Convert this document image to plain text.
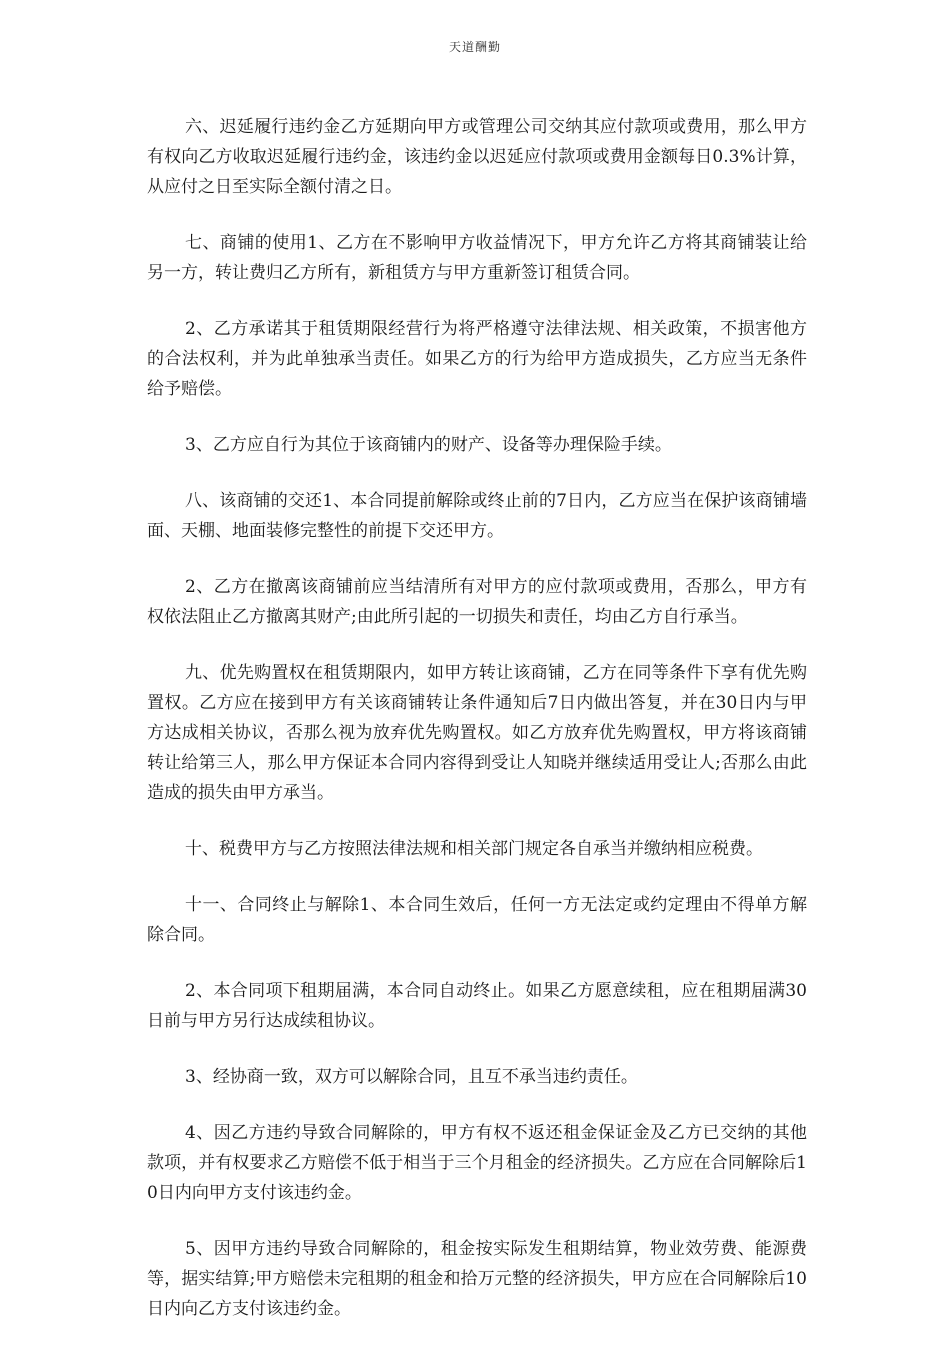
天道酬勤

六、迟延履行违约金乙方延期向甲方或管理公司交纳其应付款项或费用，那么甲方有权向乙方收取迟延履行违约金，该违约金以迟延应付款项或费用金额每日0.3%计算，从应付之日至实际全额付清之日。

七、商铺的使用1、乙方在不影响甲方收益情况下，甲方允许乙方将其商铺装让给另一方，转让费归乙方所有，新租赁方与甲方重新签订租赁合同。

2、乙方承诺其于租赁期限经营行为将严格遵守法律法规、相关政策，不损害他方的合法权利，并为此单独承当责任。如果乙方的行为给甲方造成损失，乙方应当无条件给予赔偿。

3、乙方应自行为其位于该商铺内的财产、设备等办理保险手续。

八、该商铺的交还1、本合同提前解除或终止前的7日内，乙方应当在保护该商铺墙面、天棚、地面装修完整性的前提下交还甲方。

2、乙方在撤离该商铺前应当结清所有对甲方的应付款项或费用，否那么，甲方有权依法阻止乙方撤离其财产;由此所引起的一切损失和责任，均由乙方自行承当。

九、优先购置权在租赁期限内，如甲方转让该商铺，乙方在同等条件下享有优先购置权。乙方应在接到甲方有关该商铺转让条件通知后7日内做出答复，并在30日内与甲方达成相关协议，否那么视为放弃优先购置权。如乙方放弃优先购置权，甲方将该商铺转让给第三人，那么甲方保证本合同内容得到受让人知晓并继续适用受让人;否那么由此造成的损失由甲方承当。

十、税费甲方与乙方按照法律法规和相关部门规定各自承当并缴纳相应税费。

十一、合同终止与解除1、本合同生效后，任何一方无法定或约定理由不得单方解除合同。

2、本合同项下租期届满，本合同自动终止。如果乙方愿意续租，应在租期届满30日前与甲方另行达成续租协议。

3、经协商一致，双方可以解除合同，且互不承当违约责任。

4、因乙方违约导致合同解除的，甲方有权不返还租金保证金及乙方已交纳的其他款项，并有权要求乙方赔偿不低于相当于三个月租金的经济损失。乙方应在合同解除后10日内向甲方支付该违约金。

5、因甲方违约导致合同解除的，租金按实际发生租期结算，物业效劳费、能源费等，据实结算;甲方赔偿未完租期的租金和拾万元整的经济损失，甲方应在合同解除后10日内向乙方支付该违约金。
